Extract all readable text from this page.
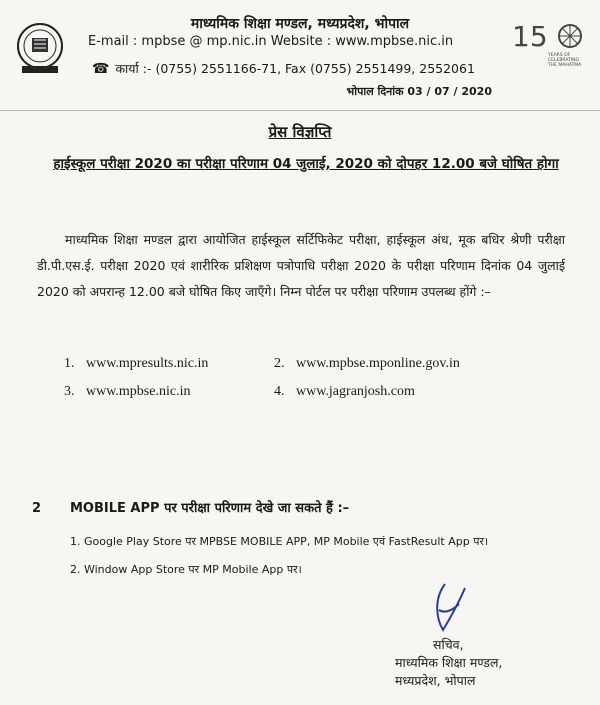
15
YEARS OF
CELEBRATING
THE MAHATMA
माध्यमिक शिक्षा मण्डल, मध्यप्रदेश, भोपाल
E-mail : mpbse @ mp.nic.in Website : www.mpbse.nic.in
☎ कार्या :- (0755) 2551166-71, Fax (0755) 2551499, 2552061
भोपाल दिनांक 03 / 07 / 2020
प्रेस विज्ञप्ति
हाईस्कूल परीक्षा 2020 का परीक्षा परिणाम 04 जुलाई, 2020 को दोपहर 12.00 बजे घोषित होगा
माध्यमिक शिक्षा मण्डल द्वारा आयोजित हाईस्कूल सर्टिफिकेट परीक्षा, हाईस्कूल अंध, मूक बधिर श्रेणी परीक्षा डी.पी.एस.ई. परीक्षा 2020 एवं शारीरिक प्रशिक्षण पत्रोपाधि परीक्षा 2020 के परीक्षा परिणाम दिनांक 04 जुलाई 2020 को अपरान्ह 12.00 बजे घोषित किए जाएँगे। निम्न पोर्टल पर परीक्षा परिणाम उपलब्ध होंगे :–
1. www.mpresults.nic.in	2. www.mpbse.mponline.gov.in
3. www.mpbse.nic.in	4. www.jagranjosh.com
2 MOBILE APP पर परीक्षा परिणाम देखे जा सकते हैं :–
1. Google Play Store पर MPBSE MOBILE APP, MP Mobile एवं FastResult App पर।
2. Window App Store पर MP Mobile App पर।
सचिव,
माध्यमिक शिक्षा मण्डल,
मध्यप्रदेश, भोपाल
